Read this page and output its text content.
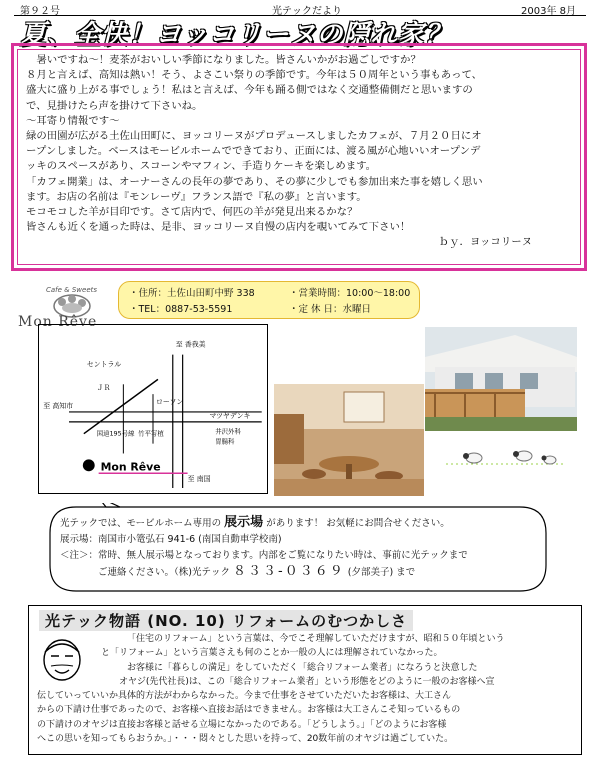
第９２号	光テックだより	2003年 8月
夏、全快！ヨッコリーヌの隠れ家？

　暑いですね～！麦茶がおいしい季節になりました。皆さんいかがお過ごしですか？

８月と言えば、高知は熱い！そう、よさこい祭りの季節です。今年は５０周年という事もあって、

盛大に盛り上がる事でしょう！私はと言えば、今年も踊る側ではなく交通整備側だと思いますの

で、見掛けたら声を掛けて下さいね。

～耳寄り情報です～

緑の田園が広がる土佐山田町に、ヨッコリーヌがプロデュースしましたカフェが、７月２０日にオ

ープンしました。ベースはモービルホームでできており、正面には、渡る風が心地いいオープンデ

ッキのスペースがあり、スコーンやマフィン、手造りケーキを楽しめます。

「カフェ開業」は、オーナーさんの長年の夢であり、その夢に少しでも参加出来た事を嬉しく思い

ます。お店の名前は『モンレーヴ』フランス語で『私の夢』と言います。

モコモコした羊が目印です。さて店内で、何匹の羊が発見出来るかな？

皆さんも近くを通った時は、是非、ヨッコリーヌ自慢の店内を覗いてみて下さい！

ｂｙ．ヨッコリーヌ

Cafe & Sweets
Mon Rêve
・住所：土佐山田町中野 338	・営業時間：10:00～18:00
・TEL：0887-53-5591	・定 休 日：水曜日
セントラル
ＪＲ
至 香我美
至 高知市	ローソン
マツヤデンキ
国道195号線 竹平写植	井沢外科
胃腸科
Mon Rêve
至 南国
光テックでは、モービルホーム専用の 展示場 があります！ お気軽にお問合せください。
展示場：南国市小篭弘石 941-6 (南国自動車学校南)
＜注＞：常時、無人展示場となっております。内部をご覧になりたい時は、事前に光テックまで
ご連絡ください。（株)光テック ８３３-０３６９ (夕部美子) まで
光テック物語 (NO. 10) リフォームのむつかしさ

「住宅のリフォーム」という言葉は、今でこそ理解していただけますが、昭和５０年頃という

と「リフォーム」という言葉さえも何のことか一般の人には理解されていなかった。

お客様に「暮らしの満足」をしていただく「総合リフォーム業者」になろうと決意した

オヤジ(先代社長)は、この「総合リフォーム業者」という形態をどのように一般のお客様へ宣

伝していっていいか具体的方法がわからなかった。今まで仕事をさせていただいたお客様は、大工さん

からの下請け仕事であったので、お客様へ直接お話はできません。お客様は大工さんこそ知っているもの

の下請けのオヤジは直接お客様と話せる立場になかったのである。「どうしよう。」「どのようにお客様

へこの思いを知ってもらおうか。」・・・悶々とした思いを持って、20数年前のオヤジは過ごしていた。
